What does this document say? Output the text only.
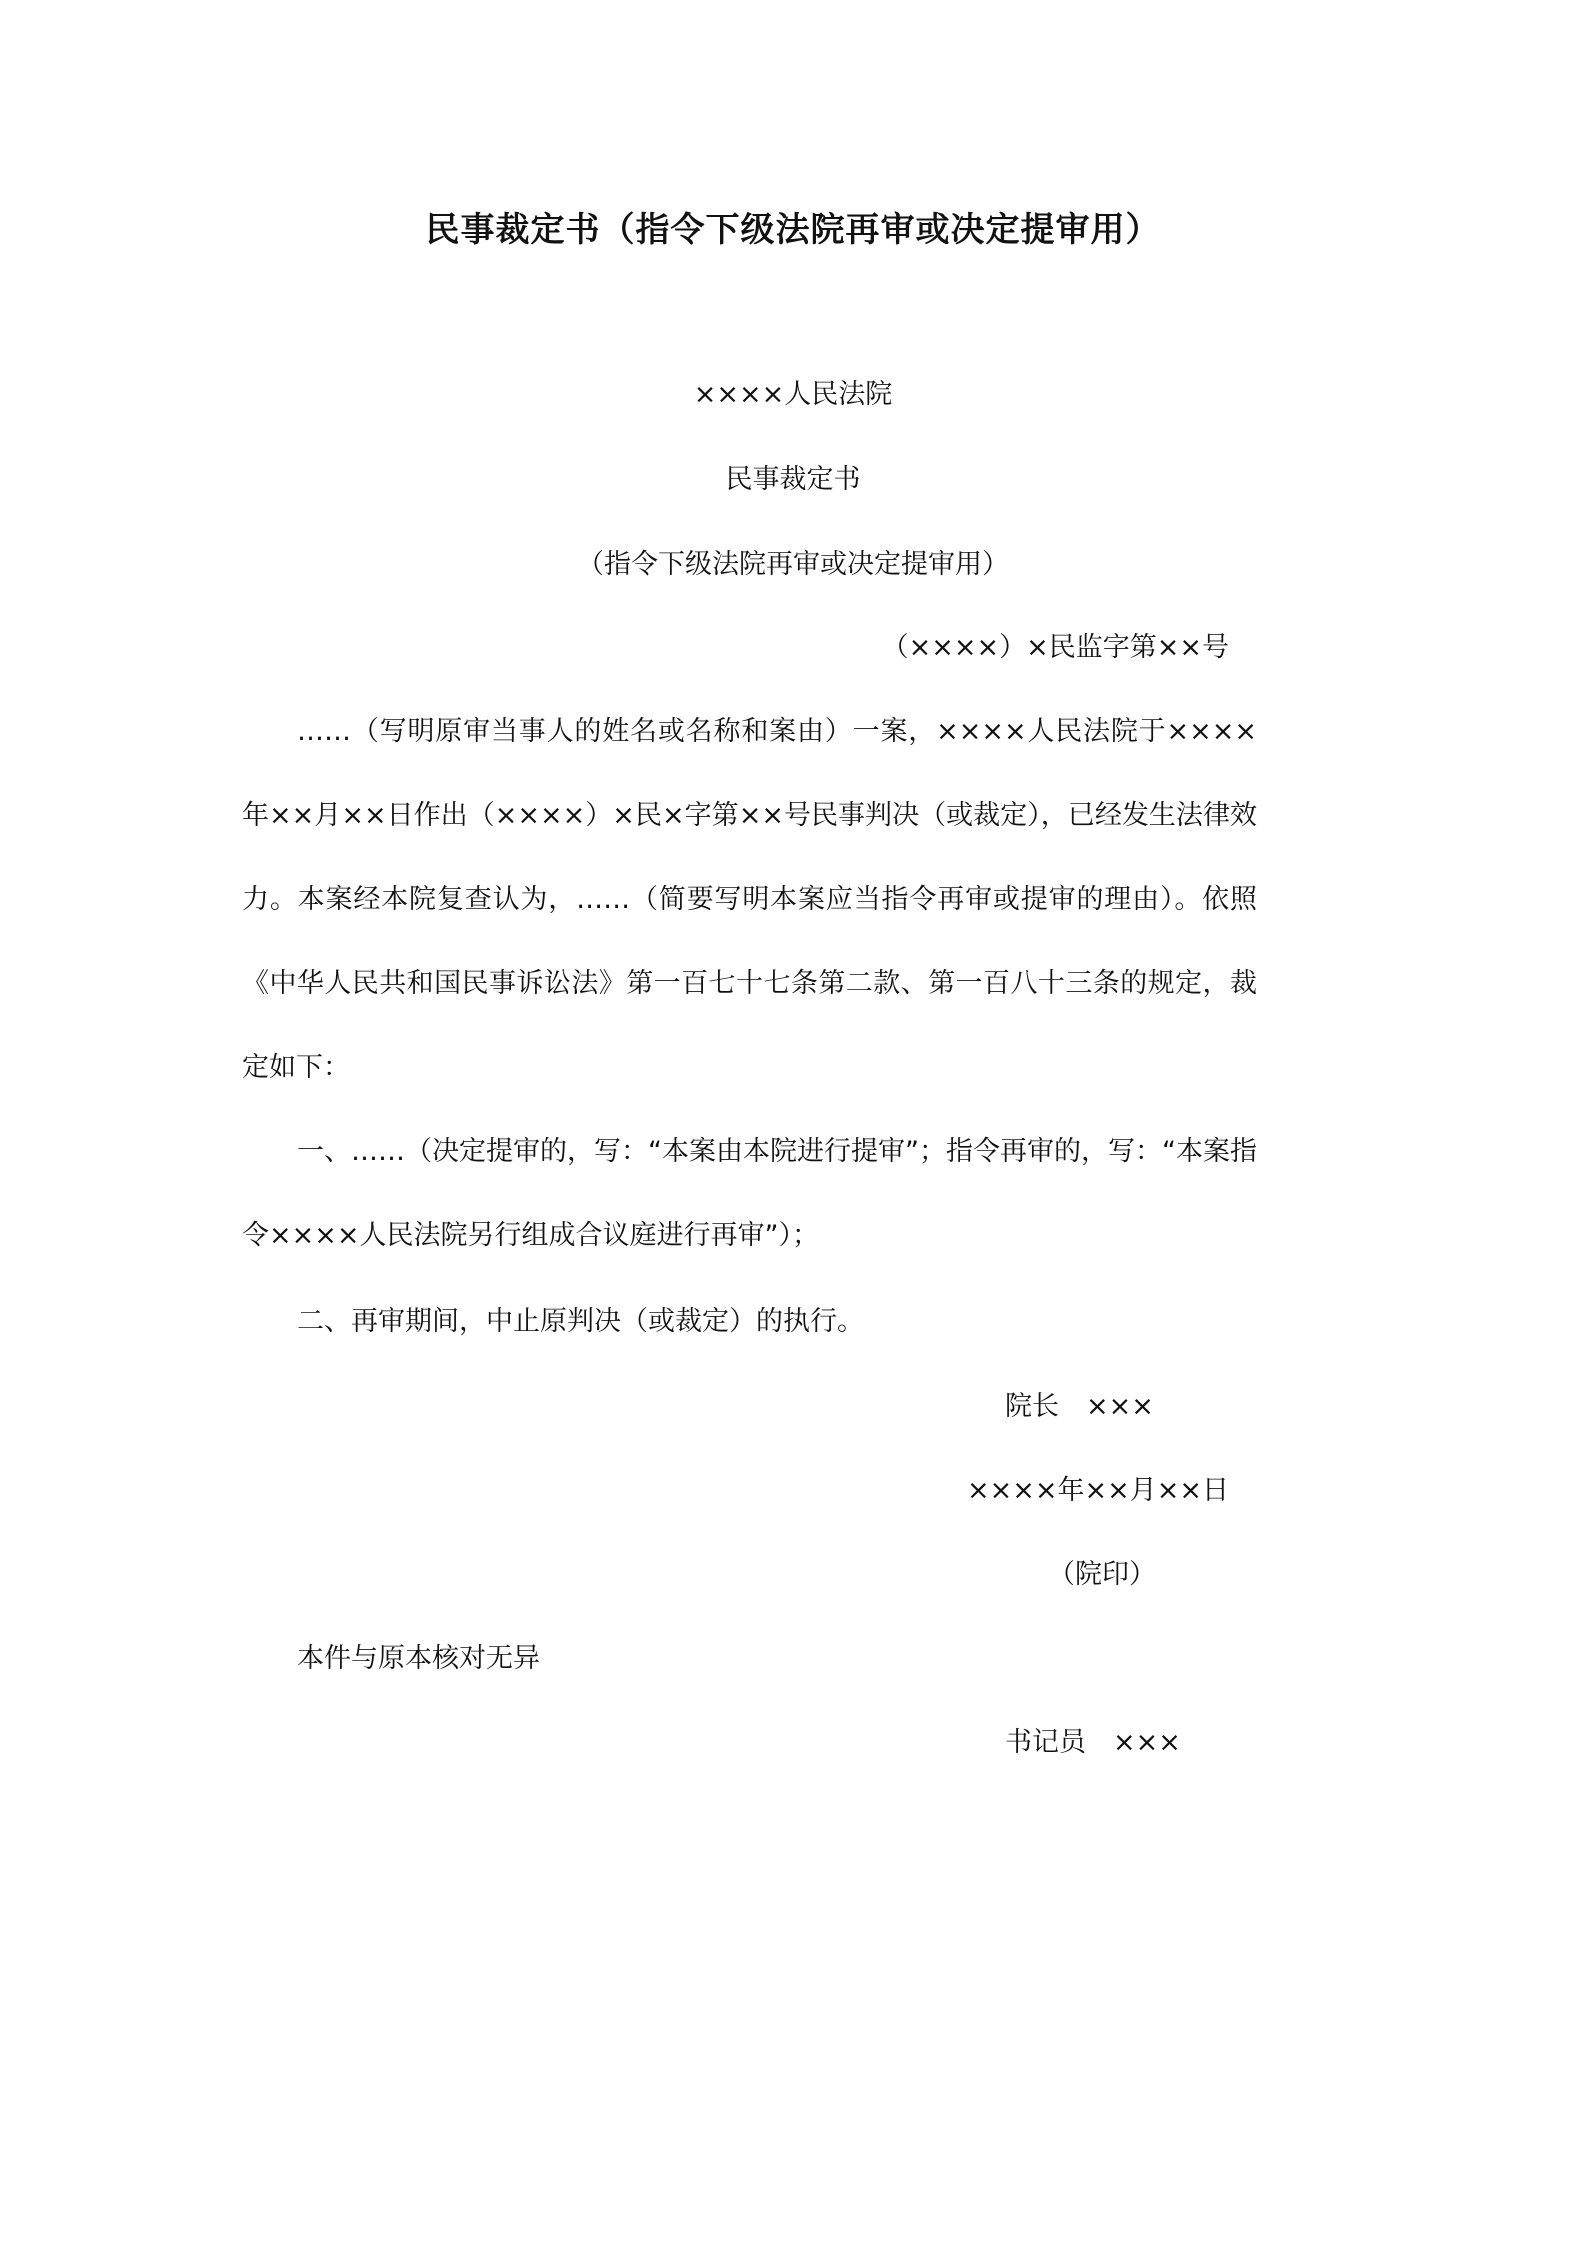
民事裁定书（指令下级法院再审或决定提审用）

××××人民法院

民事裁定书

（指令下级法院再审或决定提审用）

（××××）×民监字第××号

……（写明原审当事人的姓名或名称和案由）一案，××××人民法院于××××年××月××日作出（××××）×民×字第××号民事判决（或裁定），已经发生法律效力。本案经本院复查认为，……（简要写明本案应当指令再审或提审的理由）。依照《中华人民共和国民事诉讼法》第一百七十七条第二款、第一百八十三条的规定，裁定如下：

一、……（决定提审的，写：“本案由本院进行提审”；指令再审的，写：“本案指令××××人民法院另行组成合议庭进行再审”）；

二、再审期间，中止原判决（或裁定）的执行。

院长　×××

××××年××月××日

（院印）

本件与原本核对无异

书记员　×××
